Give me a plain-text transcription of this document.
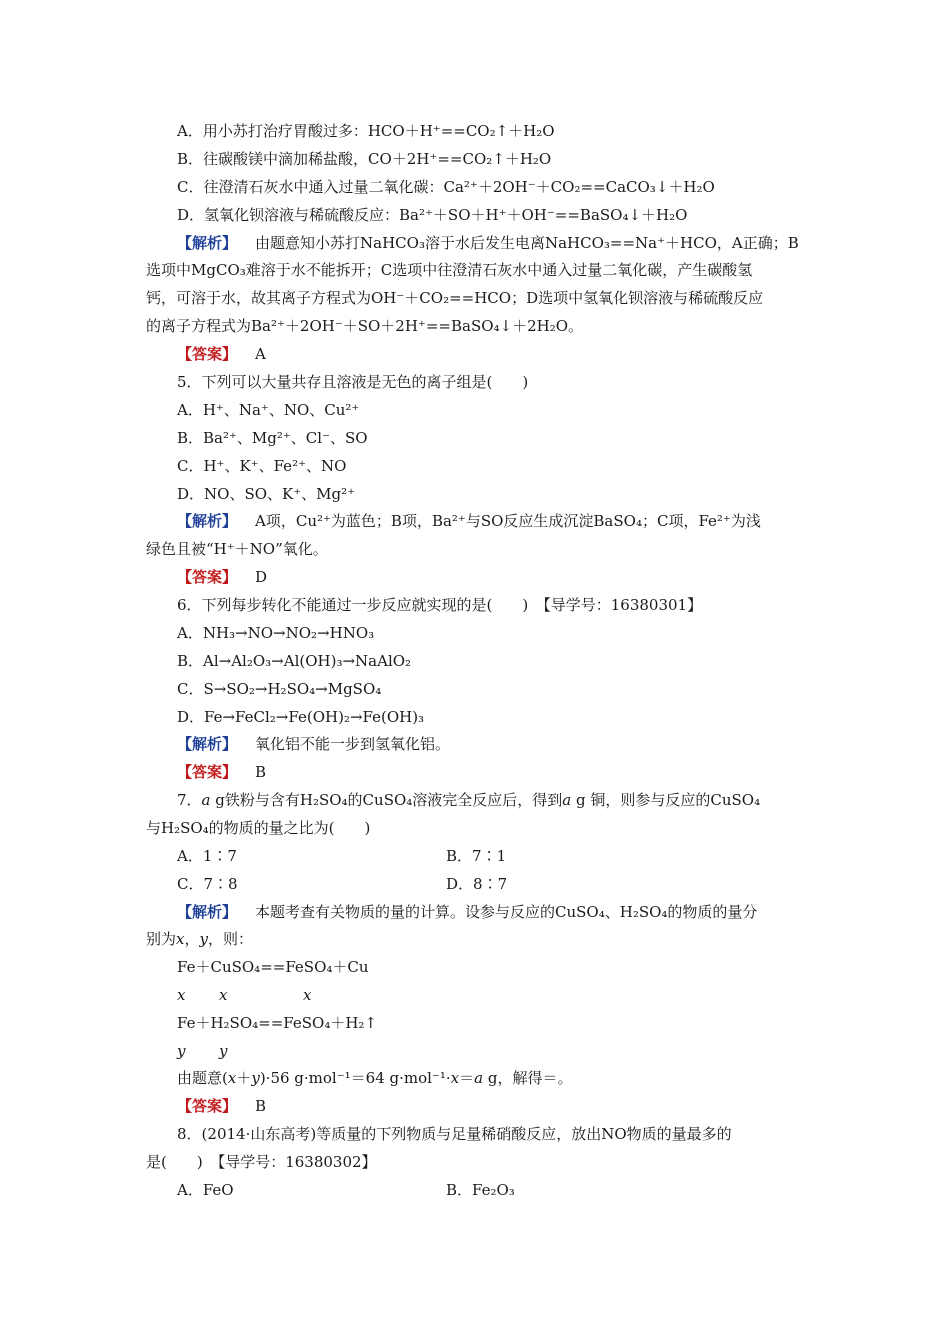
A．用小苏打治疗胃酸过多：HCO＋H⁺==CO₂↑＋H₂O
B．往碳酸镁中滴加稀盐酸，CO＋2H⁺==CO₂↑＋H₂O
C．往澄清石灰水中通入过量二氧化碳：Ca²⁺＋2OH⁻＋CO₂==CaCO₃↓＋H₂O
D．氢氧化钡溶液与稀硫酸反应：Ba²⁺＋SO＋H⁺＋OH⁻==BaSO₄↓＋H₂O
【解析】 由题意知小苏打NaHCO₃溶于水后发生电离NaHCO₃==Na⁺＋HCO，A正确；B
选项中MgCO₃难溶于水不能拆开；C选项中往澄清石灰水中通入过量二氧化碳，产生碳酸氢
钙，可溶于水，故其离子方程式为OH⁻＋CO₂==HCO；D选项中氢氧化钡溶液与稀硫酸反应
的离子方程式为Ba²⁺＋2OH⁻＋SO＋2H⁺==BaSO₄↓＋2H₂O。
【答案】 A
5．下列可以大量共存且溶液是无色的离子组是(　　)
A．H⁺、Na⁺、NO、Cu²⁺
B．Ba²⁺、Mg²⁺、Cl⁻、SO
C．H⁺、K⁺、Fe²⁺、NO
D．NO、SO、K⁺、Mg²⁺
【解析】 A项，Cu²⁺为蓝色；B项，Ba²⁺与SO反应生成沉淀BaSO₄；C项，Fe²⁺为浅
绿色且被“H⁺＋NO”氧化。
【答案】 D
6．下列每步转化不能通过一步反应就实现的是(　　)　【导学号：16380301】
A．NH₃→NO→NO₂→HNO₃
B．Al→Al₂O₃→Al(OH)₃→NaAlO₂
C．S→SO₂→H₂SO₄→MgSO₄
D．Fe→FeCl₂→Fe(OH)₂→Fe(OH)₃
【解析】 氧化铝不能一步到氢氧化铝。
【答案】 B
7．a g铁粉与含有H₂SO₄的CuSO₄溶液完全反应后，得到a g 铜，则参与反应的CuSO₄
与H₂SO₄的物质的量之比为(　　)
A．1∶7	B．7∶1
C．7∶8	D．8∶7
【解析】 本题考查有关物质的量的计算。设参与反应的CuSO₄、H₂SO₄的物质的量分
别为x，y，则：
Fe＋CuSO₄==FeSO₄＋Cu
x x	x
Fe＋H₂SO₄==FeSO₄＋H₂↑
y y
由题意(x＋y)·56 g·mol⁻¹＝64 g·mol⁻¹·x＝a g，解得＝。
【答案】 B
8．(2014·山东高考)等质量的下列物质与足量稀硝酸反应，放出NO物质的量最多的
是(　　)　【导学号：16380302】
A．FeO	B．Fe₂O₃
